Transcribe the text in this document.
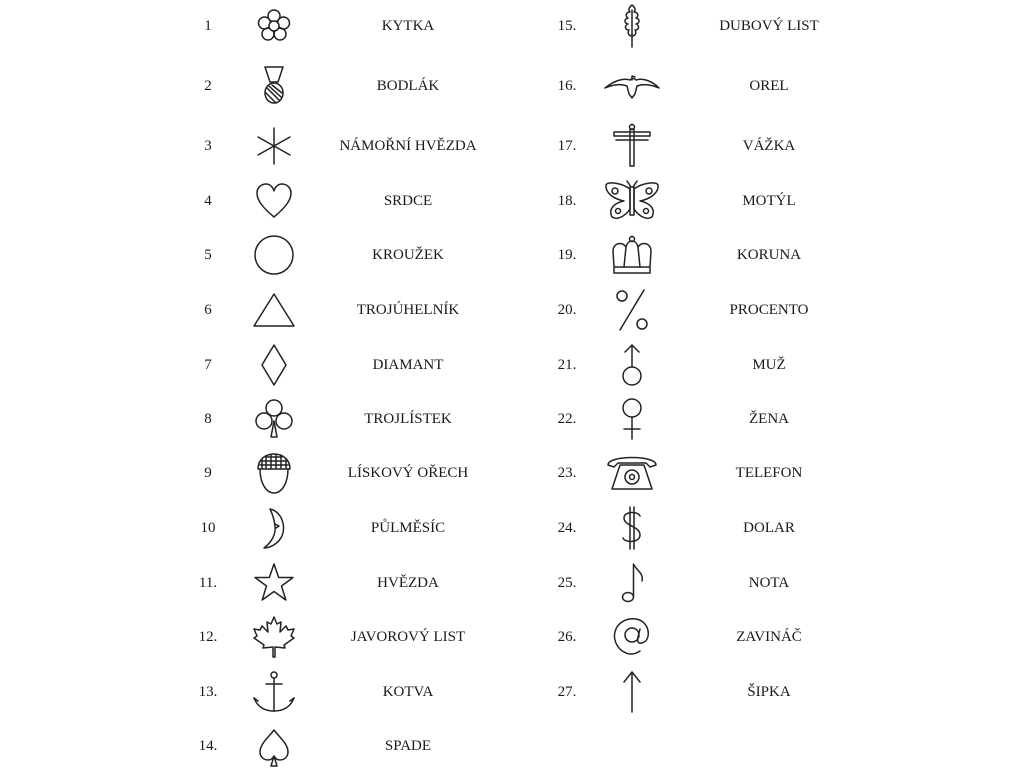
1	KYTKA
2	BODLÁK
3	NÁMOŘNÍ HVĚZDA
4	SRDCE
5	KROUŽEK
6	TROJÚHELNÍK
7	DIAMANT
8	TROJLÍSTEK
9	LÍSKOVÝ OŘECH
10	PŮLMĚSÍC
11.	HVĚZDA
12.	JAVOROVÝ LIST
13.	KOTVA
14.	SPADE
15.	DUBOVÝ LIST
16.	OREL
17.	VÁŽKA
18.	MOTÝL
19.	KORUNA
20.	PROCENTO
21.	MUŽ
22.	ŽENA
23.	TELEFON
24.	DOLAR
25.	NOTA
26.	ZAVINÁČ
27.	ŠIPKA
